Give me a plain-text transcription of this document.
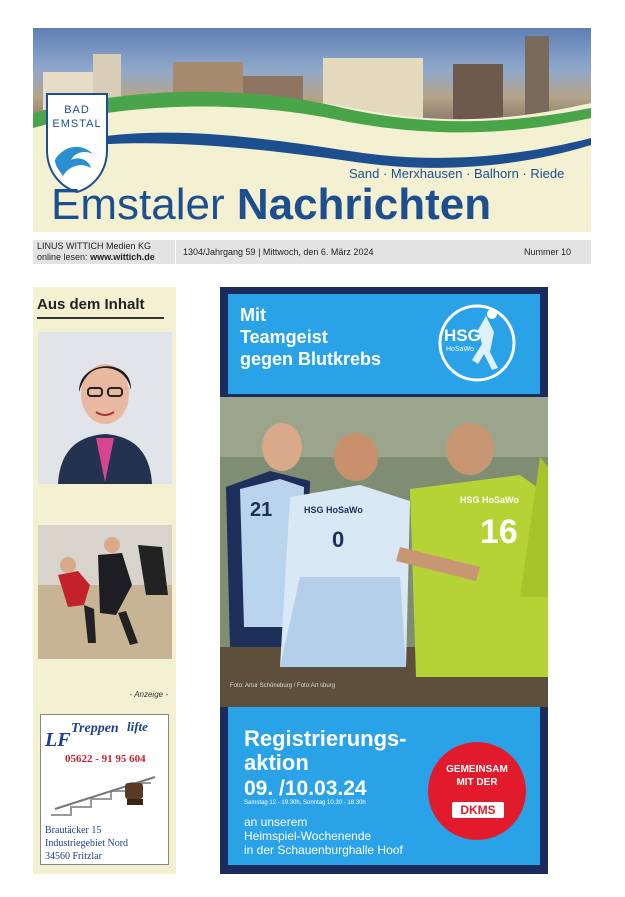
BAD
EMSTAL
Sand · Merxhausen · Balhorn · Riede
Emstaler Nachrichten
LINUS WITTICH Medien KG
online lesen: www.wittich.de	1304/Jahrgang 59 | Mittwoch, den 6. März 2024	Nummer 10
Aus dem Inhalt
- Anzeige -
LF
Treppen lifte
05622 - 91 95 604
Brautäcker 15
Industriegebiet Nord
34560 Fritzlar
Mit
Teamgeist
gegen Blutkrebs
HSG
HoSaWo
21	HSG HoSaWo
0
HSG HoSaWo
16
Foto: Artur Schöneburg / Foto:Art sburg
Registrierungs-
aktion
09. /10.03.24
Samstag 12 - 19.30h, Sonntag 10.30 - 18.30h
an unserem
Heimspiel-Wochenende
in der Schauenburghalle Hoof
GEMEINSAM
MIT DER
DKMS
